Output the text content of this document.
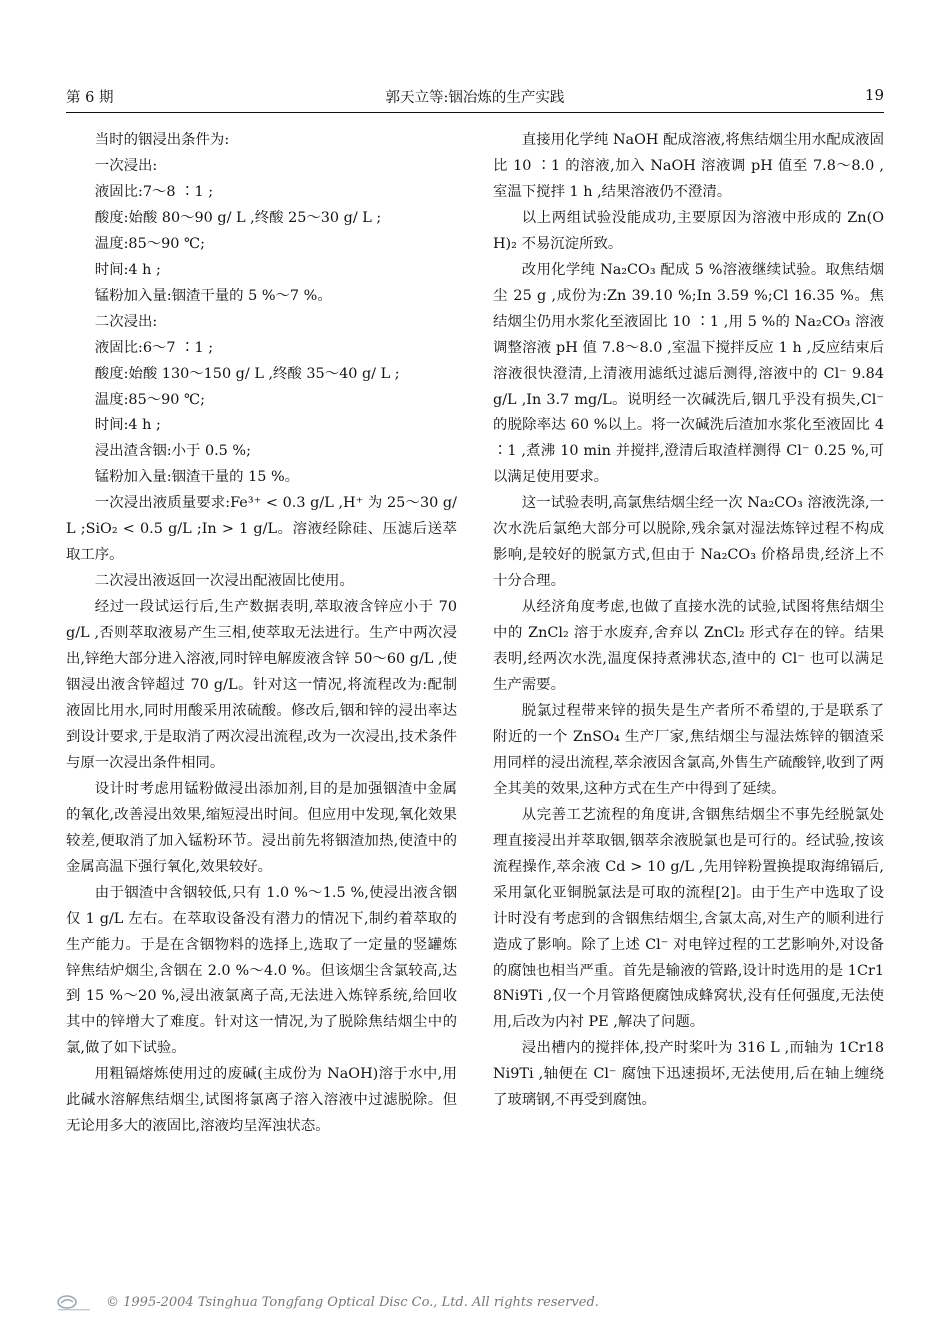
第 6 期	郭天立等:铟冶炼的生产实践	19

当时的铟浸出条件为:

一次浸出:

液固比:7～8 ∶1 ;

酸度:始酸 80～90 g/ L ,终酸 25～30 g/ L ;

温度:85～90 ℃;

时间:4 h ;

锰粉加入量:铟渣干量的 5 %～7 %。

二次浸出:

液固比:6～7 ∶1 ;

酸度:始酸 130～150 g/ L ,终酸 35～40 g/ L ;

温度:85～90 ℃;

时间:4 h ;

浸出渣含铟:小于 0.5 %;

锰粉加入量:铟渣干量的 15 %。

一次浸出液质量要求:Fe³⁺ < 0.3 g/L ,H⁺ 为 25～30 g/L ;SiO₂ < 0.5 g/L ;In > 1 g/L。溶液经除硅、压滤后送萃取工序。

二次浸出液返回一次浸出配液固比使用。

经过一段试运行后,生产数据表明,萃取液含锌应小于 70 g/L ,否则萃取液易产生三相,使萃取无法进行。生产中两次浸出,锌绝大部分进入溶液,同时锌电解废液含锌 50～60 g/L ,使铟浸出液含锌超过 70 g/L。针对这一情况,将流程改为:配制液固比用水,同时用酸采用浓硫酸。修改后,铟和锌的浸出率达到设计要求,于是取消了两次浸出流程,改为一次浸出,技术条件与原一次浸出条件相同。

设计时考虑用锰粉做浸出添加剂,目的是加强铟渣中金属的氧化,改善浸出效果,缩短浸出时间。但应用中发现,氧化效果较差,便取消了加入锰粉环节。浸出前先将铟渣加热,使渣中的金属高温下强行氧化,效果较好。

由于铟渣中含铟较低,只有 1.0 %～1.5 %,使浸出液含铟仅 1 g/L 左右。在萃取设备没有潜力的情况下,制约着萃取的生产能力。于是在含铟物料的选择上,选取了一定量的竖罐炼锌焦结炉烟尘,含铟在 2.0 %～4.0 %。但该烟尘含氯较高,达到 15 %～20 %,浸出液氯离子高,无法进入炼锌系统,给回收其中的锌增大了难度。针对这一情况,为了脱除焦结烟尘中的氯,做了如下试验。

用粗镉熔炼使用过的废碱(主成份为 NaOH)溶于水中,用此碱水溶解焦结烟尘,试图将氯离子溶入溶液中过滤脱除。但无论用多大的液固比,溶液均呈浑浊状态。

直接用化学纯 NaOH 配成溶液,将焦结烟尘用水配成液固比 10 ∶1 的溶液,加入 NaOH 溶液调 pH 值至 7.8～8.0 ,室温下搅拌 1 h ,结果溶液仍不澄清。

以上两组试验没能成功,主要原因为溶液中形成的 Zn(OH)₂ 不易沉淀所致。

改用化学纯 Na₂CO₃ 配成 5 %溶液继续试验。取焦结烟尘 25 g ,成份为:Zn 39.10 %;In 3.59 %;Cl 16.35 %。焦结烟尘仍用水浆化至液固比 10 ∶1 ,用 5 %的 Na₂CO₃ 溶液调整溶液 pH 值 7.8～8.0 ,室温下搅拌反应 1 h ,反应结束后溶液很快澄清,上清液用滤纸过滤后测得,溶液中的 Cl⁻ 9.84 g/L ,In 3.7 mg/L。说明经一次碱洗后,铟几乎没有损失,Cl⁻ 的脱除率达 60 %以上。将一次碱洗后渣加水浆化至液固比 4 ∶1 ,煮沸 10 min 并搅拌,澄清后取渣样测得 Cl⁻ 0.25 %,可以满足使用要求。

这一试验表明,高氯焦结烟尘经一次 Na₂CO₃ 溶液洗涤,一次水洗后氯绝大部分可以脱除,残余氯对湿法炼锌过程不构成影响,是较好的脱氯方式,但由于 Na₂CO₃ 价格昂贵,经济上不十分合理。

从经济角度考虑,也做了直接水洗的试验,试图将焦结烟尘中的 ZnCl₂ 溶于水废弃,舍弃以 ZnCl₂ 形式存在的锌。结果表明,经两次水洗,温度保持煮沸状态,渣中的 Cl⁻ 也可以满足生产需要。

脱氯过程带来锌的损失是生产者所不希望的,于是联系了附近的一个 ZnSO₄ 生产厂家,焦结烟尘与湿法炼锌的铟渣采用同样的浸出流程,萃余液因含氯高,外售生产硫酸锌,收到了两全其美的效果,这种方式在生产中得到了延续。

从完善工艺流程的角度讲,含铟焦结烟尘不事先经脱氯处理直接浸出并萃取铟,铟萃余液脱氯也是可行的。经试验,按该流程操作,萃余液 Cd > 10 g/L ,先用锌粉置换提取海绵镉后,采用氯化亚铜脱氯法是可取的流程[2]。由于生产中选取了设计时没有考虑到的含铟焦结烟尘,含氯太高,对生产的顺利进行造成了影响。除了上述 Cl⁻ 对电锌过程的工艺影响外,对设备的腐蚀也相当严重。首先是输液的管路,设计时选用的是 1Cr18Ni9Ti ,仅一个月管路便腐蚀成蜂窝状,没有任何强度,无法使用,后改为内衬 PE ,解决了问题。

浸出槽内的搅拌体,投产时桨叶为 316 L ,而轴为 1Cr18Ni9Ti ,轴便在 Cl⁻ 腐蚀下迅速损坏,无法使用,后在轴上缠绕了玻璃钢,不再受到腐蚀。

© 1995-2004 Tsinghua Tongfang Optical Disc Co., Ltd. All rights reserved.
